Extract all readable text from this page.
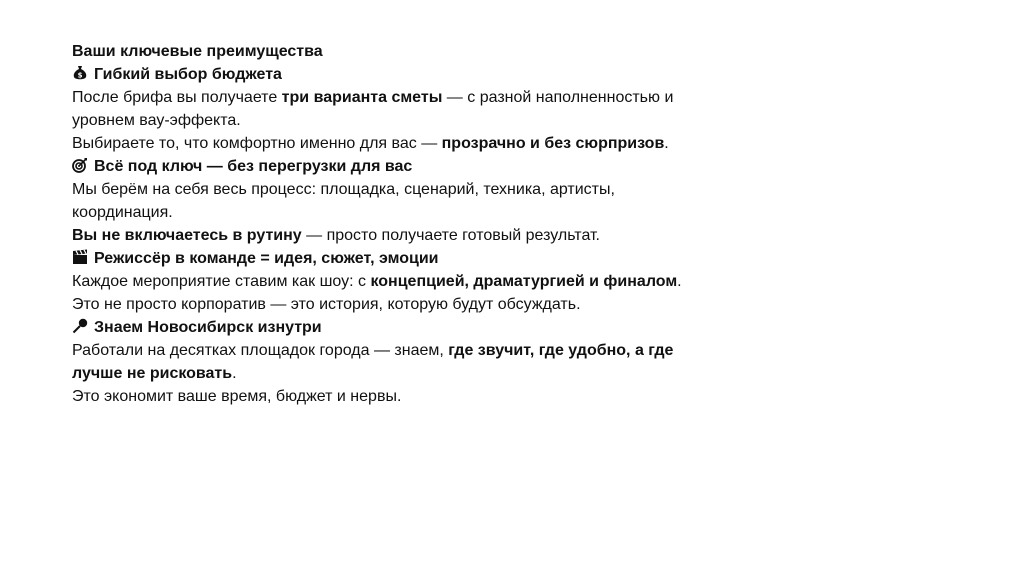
Ваши ключевые преимущества
$ Гибкий выбор бюджета
После брифа вы получаете три варианта сметы — с разной наполненностью и
уровнем вау-эффекта.
Выбираете то, что комфортно именно для вас — прозрачно и без сюрпризов.
Всё под ключ — без перегрузки для вас
Мы берём на себя весь процесс: площадка, сценарий, техника, артисты,
координация.
Вы не включаетесь в рутину — просто получаете готовый результат.
Режиссёр в команде = идея, сюжет, эмоции
Каждое мероприятие ставим как шоу: с концепцией, драматургией и финалом.
Это не просто корпоратив — это история, которую будут обсуждать.
Знаем Новосибирск изнутри
Работали на десятках площадок города — знаем, где звучит, где удобно, а где
лучше не рисковать.
Это экономит ваше время, бюджет и нервы.
